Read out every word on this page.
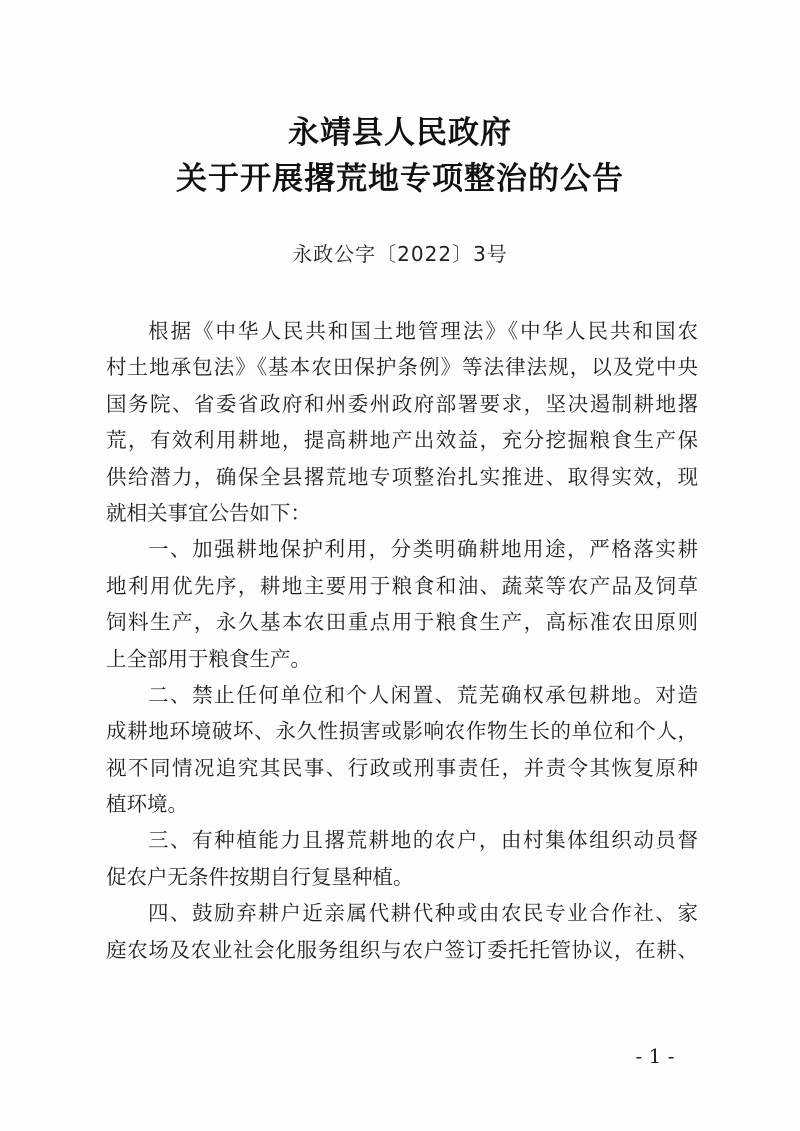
永靖县人民政府
关于开展撂荒地专项整治的公告
永政公字〔2022〕3号
根据《中华人民共和国土地管理法》《中华人民共和国农
村土地承包法》《基本农田保护条例》等法律法规，以及党中央
国务院、省委省政府和州委州政府部署要求，坚决遏制耕地撂
荒，有效利用耕地，提高耕地产出效益，充分挖掘粮食生产保
供给潜力，确保全县撂荒地专项整治扎实推进、取得实效，现
就相关事宜公告如下：
一、加强耕地保护利用，分类明确耕地用途，严格落实耕
地利用优先序，耕地主要用于粮食和油、蔬菜等农产品及饲草
饲料生产，永久基本农田重点用于粮食生产，高标准农田原则
上全部用于粮食生产。
二、禁止任何单位和个人闲置、荒芜确权承包耕地。对造
成耕地环境破坏、永久性损害或影响农作物生长的单位和个人，
视不同情况追究其民事、行政或刑事责任，并责令其恢复原种
植环境。
三、有种植能力且撂荒耕地的农户，由村集体组织动员督
促农户无条件按期自行复垦种植。
四、鼓励弃耕户近亲属代耕代种或由农民专业合作社、家
庭农场及农业社会化服务组织与农户签订委托托管协议，在耕、
- 1 -
